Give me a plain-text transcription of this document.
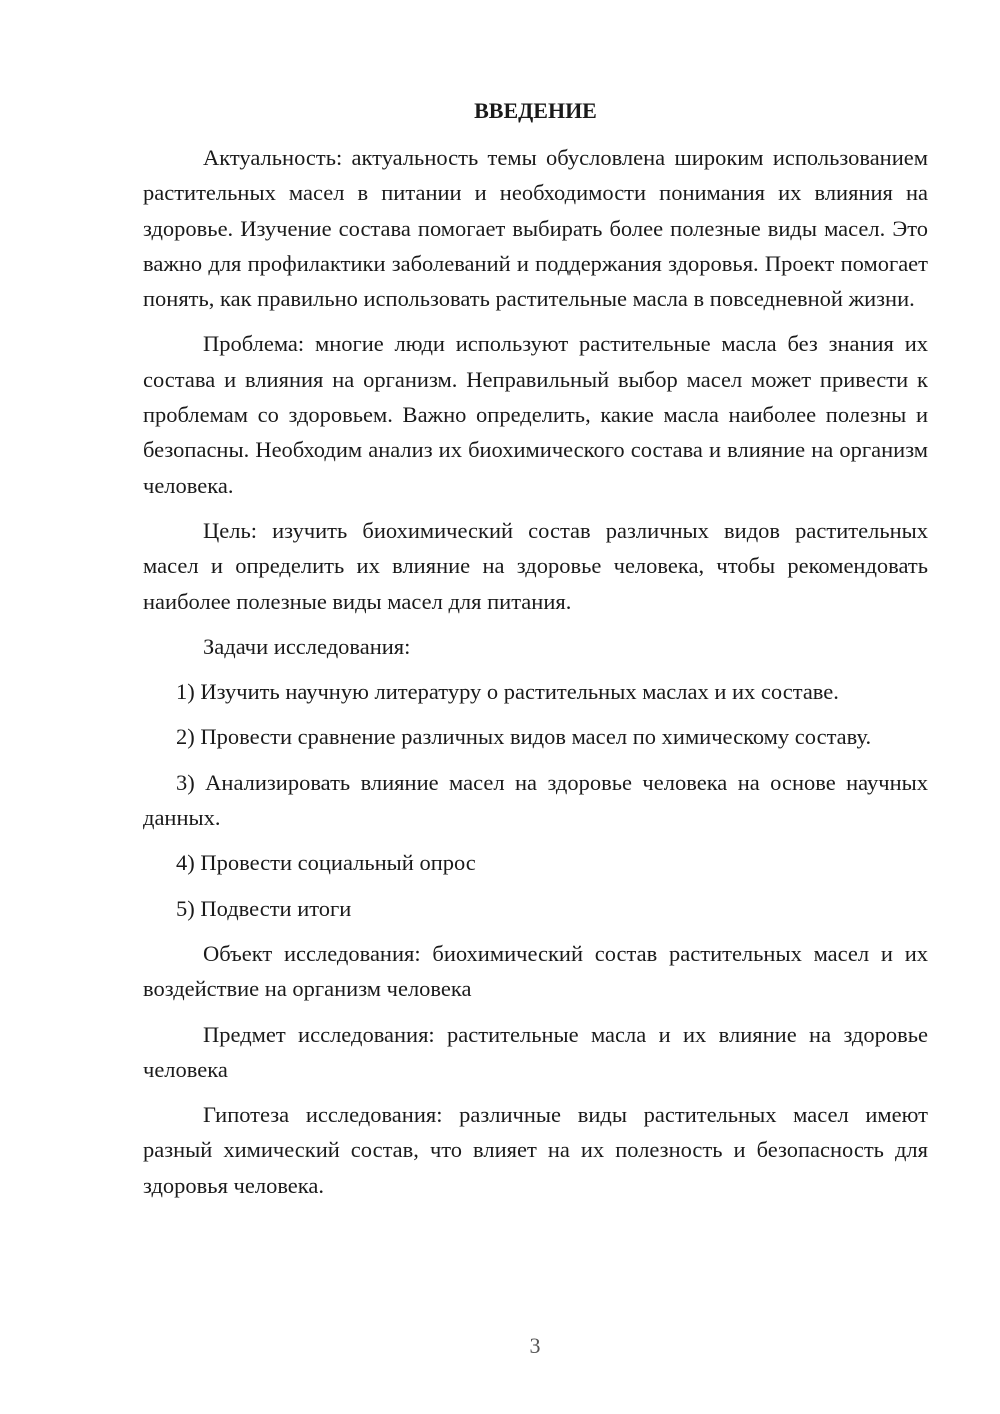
ВВЕДЕНИЕ

Актуальность: актуальность темы обусловлена широким использованием растительных масел в питании и необходимости понимания их влияния на здоровье. Изучение состава помогает выбирать более полезные виды масел. Это важно для профилактики заболеваний и поддержания здоровья. Проект помогает понять, как правильно использовать растительные масла в повседневной жизни.

Проблема: многие люди используют растительные масла без знания их состава и влияния на организм. Неправильный выбор масел может привести к проблемам со здоровьем. Важно определить, какие масла наиболее полезны и безопасны. Необходим анализ их биохимического состава и влияние на организм человека.

Цель: изучить биохимический состав различных видов растительных масел и определить их влияние на здоровье человека, чтобы рекомендовать наиболее полезные виды масел для питания.

Задачи исследования:

1) Изучить научную литературу о растительных маслах и их составе.

2) Провести сравнение различных видов масел по химическому составу.

3) Анализировать влияние масел на здоровье человека на основе научных данных.

4) Провести социальный опрос

5) Подвести итоги

Объект исследования: биохимический состав растительных масел и их воздействие на организм человека

Предмет исследования: растительные масла и их влияние на здоровье человека

Гипотеза исследования: различные виды растительных масел имеют разный химический состав, что влияет на их полезность и безопасность для здоровья человека.

3
